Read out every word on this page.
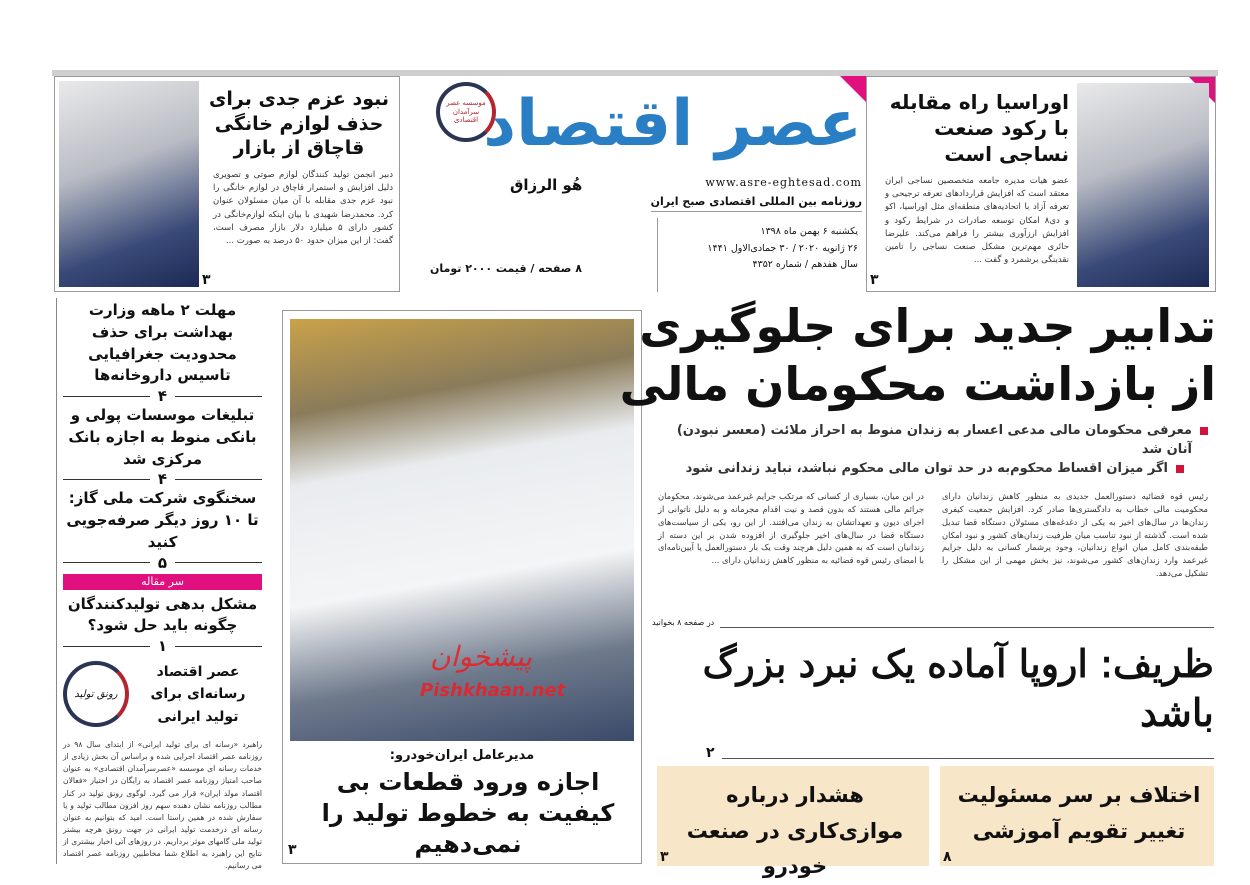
اوراسیا راه مقابله با رکود صنعت نساجی است
عضو هیات مدیره جامعه متخصصین نساجی ایران معتقد است که افزایش قراردادهای تعرفه ترجیحی و تعرفه آزاد با اتحادیه‌های منطقه‌ای مثل اوراسیا، اکو و دی۸ امکان توسعه صادرات در شرایط رکود و افزایش ارزآوری بیشتر را فراهم می‌کند. علیرضا حائری مهم‌ترین مشکل صنعت نساجی را تامین نقدینگی برشمرد و گفت ...
۳
موسسه عصر سرآمدان اقتصادی عصر اقتصاد
هُو الرزاق	www.asre-eghtesad.com
روزنامه بین المللی اقتصادی صبح ایران
یکشنبه ۶ بهمن ماه ۱۳۹۸
۲۶ ژانویه ۲۰۲۰ / ۳۰ جمادی‌الاول ۱۴۴۱
سال هفدهم / شماره ۴۳۵۲
۸ صفحه / قیمت ۲۰۰۰ تومان
نبود عزم جدی برای حذف لوازم خانگی قاچاق از بازار
دبیر انجمن تولید کنندگان لوازم صوتی و تصویری دلیل افزایش و استمرار قاچاق در لوازم خانگی را نبود عزم جدی مقابله با آن میان مسئولان عنوان کرد. محمدرضا شهیدی با بیان اینکه لوازم‌خانگی در کشور دارای ۵ میلیارد دلار بازار مصرف است، گفت: از این میزان حدود ۵۰ درصد به صورت ...
۳
مهلت ۲ ماهه وزارت بهداشت برای حذف محدودیت جغرافیایی تاسیس داروخانه‌ها
۴
تبلیغات موسسات پولی و بانکی منوط به اجازه بانک مرکزی شد
۴
سخنگوی شرکت ملی گاز: تا ۱۰ روز دیگر صرفه‌جویی کنید
۵
سر مقاله
مشکل بدهی تولیدکنندگان چگونه باید حل شود؟
۱
رونق تولید
عصر اقتصاد رسانه‌ای برای تولید ایرانی
راهبرد «رسانه ای برای تولید ایرانی» از ابتدای سال ۹۸ در روزنامه عصر اقتصاد اجرایی شده و براساس آن بخش زیادی از خدمات رسانه ای موسسه «عصرسرآمدان اقتصادی» به عنوان صاحب امتیاز روزنامه عصر اقتصاد به رایگان در اختیار «فعالان اقتصاد مولد ایران» قرار می گیرد. لوگوی رونق تولید در کنار مطالب روزنامه نشان دهنده سهم روز افزون مطالب تولید و یا سفارش شده در همین راستا است. امید که بتوانیم به عنوان رسانه ای درخدمت تولید ایرانی در جهت رونق هرچه بیشتر تولید ملی گامهای موثر برداریم. در روزهای آتی اخبار بیشتری از نتایج این راهبرد به اطلاع شما مخاطبین روزنامه عصر اقتصاد می رسانیم.
مدیرعامل ایران‌خودرو:
اجازه ورود قطعات بی کیفیت به خطوط تولید را نمی‌دهیم
۳
پیشخوان
Pishkhaan.net
تدابیر جدید برای جلوگیری
از بازداشت محکومان مالی
معرفی محکومان مالی مدعی اعسار به زندان منوط به احراز ملائت (معسر نبودن) آنان شد
اگر میزان اقساط محکوم‌به در حد توان مالی محکوم نباشد، نباید زندانی شود
رئیس قوه قضائیه دستورالعمل جدیدی به منظور کاهش زندانیان دارای محکومیت مالی خطاب به دادگستری‌ها صادر کرد. افزایش جمعیت کیفری زندان‌ها در سال‌های اخیر به یکی از دغدغه‌های مسئولان دستگاه قضا تبدیل شده است. گذشته از نبود تناسب میان ظرفیت زندان‌های کشور و نبود امکان طبقه‌بندی کامل میان انواع زندانیان، وجود پرشمار کسانی به دلیل جرایم غیرعمد وارد زندان‌های کشور می‌شوند، نیز بخش مهمی از این مشکل را تشکیل می‌دهد.
در این میان، بسیاری از کسانی که مرتکب جرایم غیرعمد می‌شوند، محکومان جرائم مالی هستند که بدون قصد و نیت اقدام مجرمانه و به دلیل ناتوانی از اجرای دیون و تعهداتشان به زندان می‌افتند. از این رو، یکی از سیاست‌های دستگاه قضا در سال‌های اخیر جلوگیری از افزوده شدن بر این دسته از زندانیان است که به همین دلیل هرچند وقت یک بار دستورالعمل یا آیین‌نامه‌ای با امضای رئیس قوه قضائیه به منظور کاهش زندانیان دارای ...
در صفحه ۸ بخوانید
ظریف: اروپا آماده یک نبرد بزرگ باشد
۲
هشدار درباره موازی‌کاری در صنعت خودرو
۳
اختلاف بر سر مسئولیت تغییر تقویم آموزشی
۸
